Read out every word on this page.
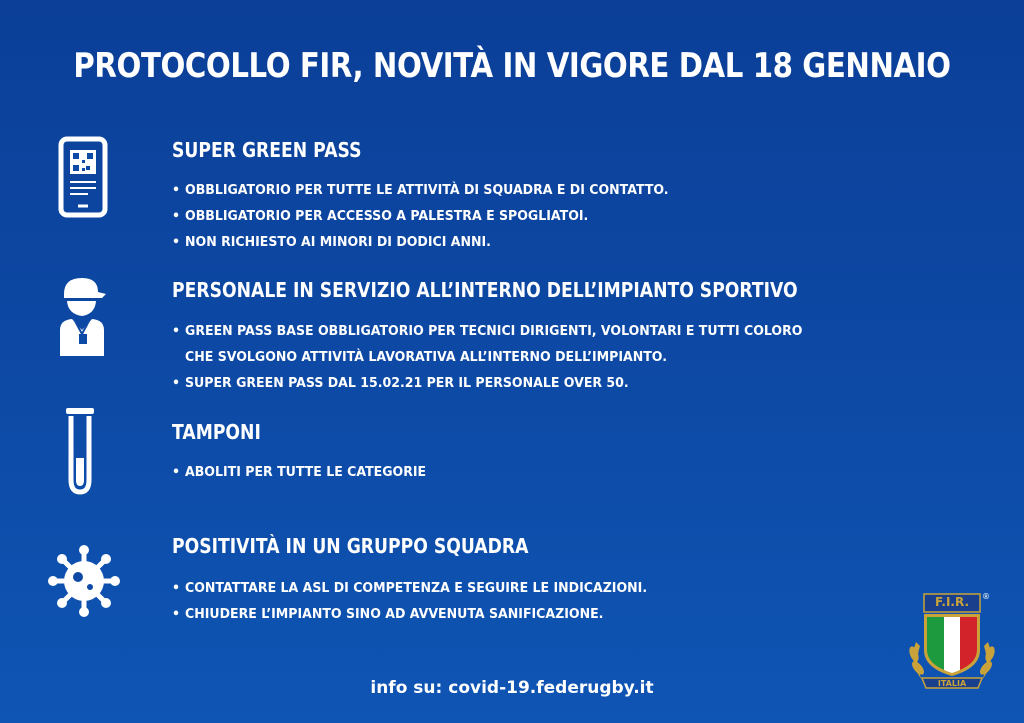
PROTOCOLLO FIR, NOVITÀ IN VIGORE DAL 18 GENNAIO
SUPER GREEN PASS
• OBBLIGATORIO PER TUTTE LE ATTIVITÀ DI SQUADRA E DI CONTATTO.
• OBBLIGATORIO PER ACCESSO A PALESTRA E SPOGLIATOI.
• NON RICHIESTO AI MINORI DI DODICI ANNI.
PERSONALE IN SERVIZIO ALL’INTERNO DELL’IMPIANTO SPORTIVO
• GREEN PASS BASE OBBLIGATORIO PER TECNICI DIRIGENTI, VOLONTARI E TUTTI COLORO
CHE SVOLGONO ATTIVITÀ LAVORATIVA ALL’INTERNO DELL’IMPIANTO.
• SUPER GREEN PASS DAL 15.02.21 PER IL PERSONALE OVER 50.
TAMPONI
• ABOLITI PER TUTTE LE CATEGORIE
POSITIVITÀ IN UN GRUPPO SQUADRA
• CONTATTARE LA ASL DI COMPETENZA E SEGUIRE LE INDICAZIONI.
• CHIUDERE L’IMPIANTO SINO AD AVVENUTA SANIFICAZIONE.
info su: covid-19.federugby.it
F.I.R.	®
ITALIA
